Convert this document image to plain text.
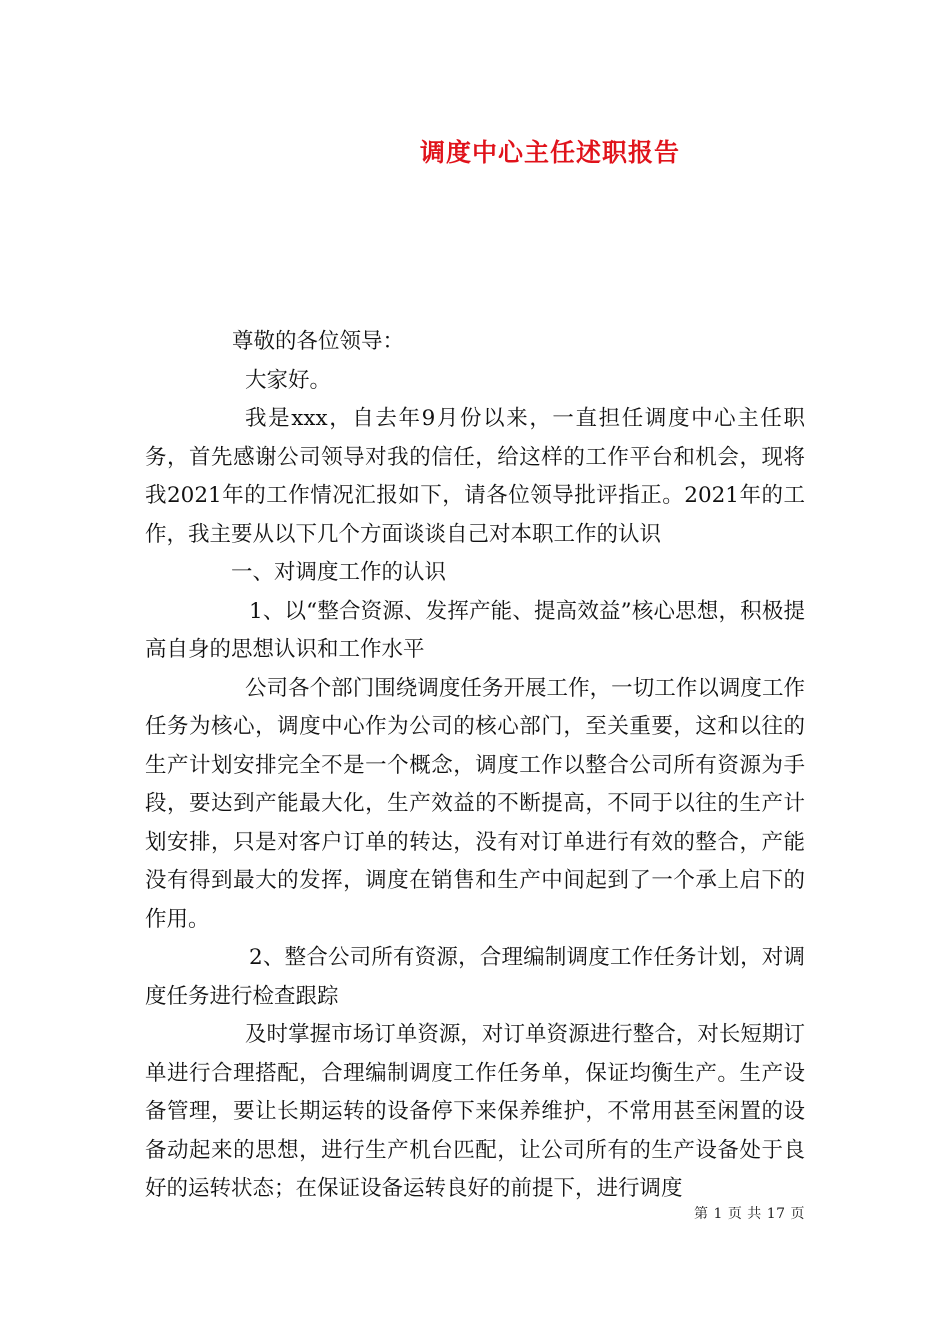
调度中心主任述职报告

尊敬的各位领导：

大家好。

我是xxx，自去年9月份以来，一直担任调度中心主任职务，首先感谢公司领导对我的信任，给这样的工作平台和机会，现将我2021年的工作情况汇报如下，请各位领导批评指正。2021年的工作，我主要从以下几个方面谈谈自己对本职工作的认识

一、对调度工作的认识

1、以“整合资源、发挥产能、提高效益”核心思想，积极提高自身的思想认识和工作水平

公司各个部门围绕调度任务开展工作，一切工作以调度工作任务为核心，调度中心作为公司的核心部门，至关重要，这和以往的生产计划安排完全不是一个概念，调度工作以整合公司所有资源为手段，要达到产能最大化，生产效益的不断提高，不同于以往的生产计划安排，只是对客户订单的转达，没有对订单进行有效的整合，产能没有得到最大的发挥，调度在销售和生产中间起到了一个承上启下的作用。

2、整合公司所有资源，合理编制调度工作任务计划，对调度任务进行检查跟踪

及时掌握市场订单资源，对订单资源进行整合，对长短期订单进行合理搭配，合理编制调度工作任务单，保证均衡生产。生产设备管理，要让长期运转的设备停下来保养维护，不常用甚至闲置的设备动起来的思想，进行生产机台匹配，让公司所有的生产设备处于良好的运转状态；在保证设备运转良好的前提下，进行调度

第 1 页 共 17 页
